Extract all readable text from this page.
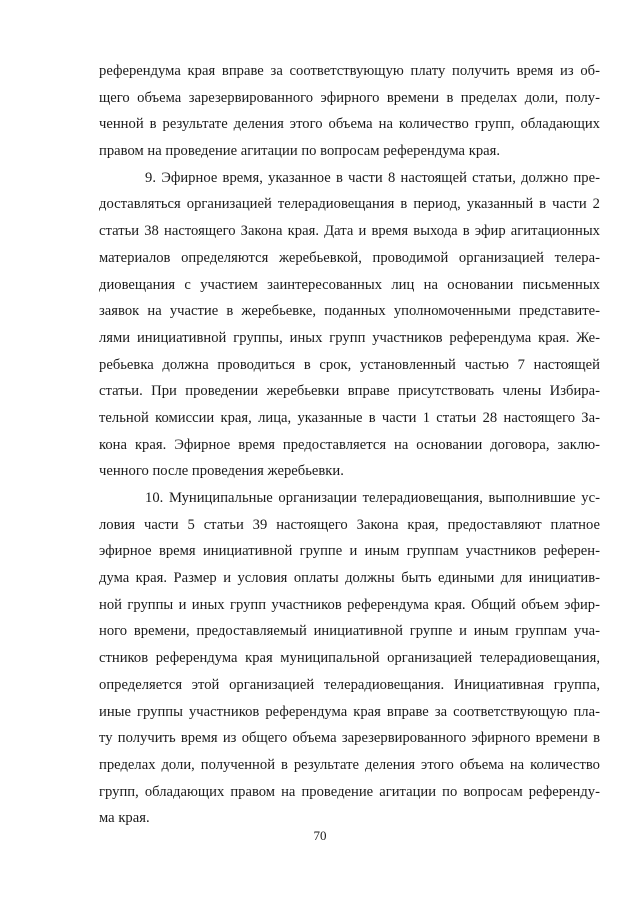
референдума края вправе за соответствующую плату получить время из об-
щего объема зарезервированного эфирного времени в пределах доли, полу-
ченной в результате деления этого объема на количество групп, обладающих
правом на проведение агитации по вопросам референдума края.
9. Эфирное время, указанное в части 8 настоящей статьи, должно пре-
доставляться организацией телерадиовещания в период, указанный в части 2
статьи 38 настоящего Закона края. Дата и время выхода в эфир агитационных
материалов определяются жеребьевкой, проводимой организацией телера-
диовещания с участием заинтересованных лиц на основании письменных
заявок на участие в жеребьевке, поданных уполномоченными представите-
лями инициативной группы, иных групп участников референдума края. Же-
ребьевка должна проводиться в срок, установленный частью 7 настоящей
статьи. При проведении жеребьевки вправе присутствовать члены Избира-
тельной комиссии края, лица, указанные в части 1 статьи 28 настоящего За-
кона края. Эфирное время предоставляется на основании договора, заклю-
ченного после проведения жеребьевки.
10. Муниципальные организации телерадиовещания, выполнившие ус-
ловия части 5 статьи 39 настоящего Закона края, предоставляют платное
эфирное время инициативной группе и иным группам участников референ-
дума края. Размер и условия оплаты должны быть едиными для инициатив-
ной группы и иных групп участников референдума края. Общий объем эфир-
ного времени, предоставляемый инициативной группе и иным группам уча-
стников референдума края муниципальной организацией телерадиовещания,
определяется этой организацией телерадиовещания. Инициативная группа,
иные группы участников референдума края вправе за соответствующую пла-
ту получить время из общего объема зарезервированного эфирного времени в
пределах доли, полученной в результате деления этого объема на количество
групп, обладающих правом на проведение агитации по вопросам референду-
ма края.
70
